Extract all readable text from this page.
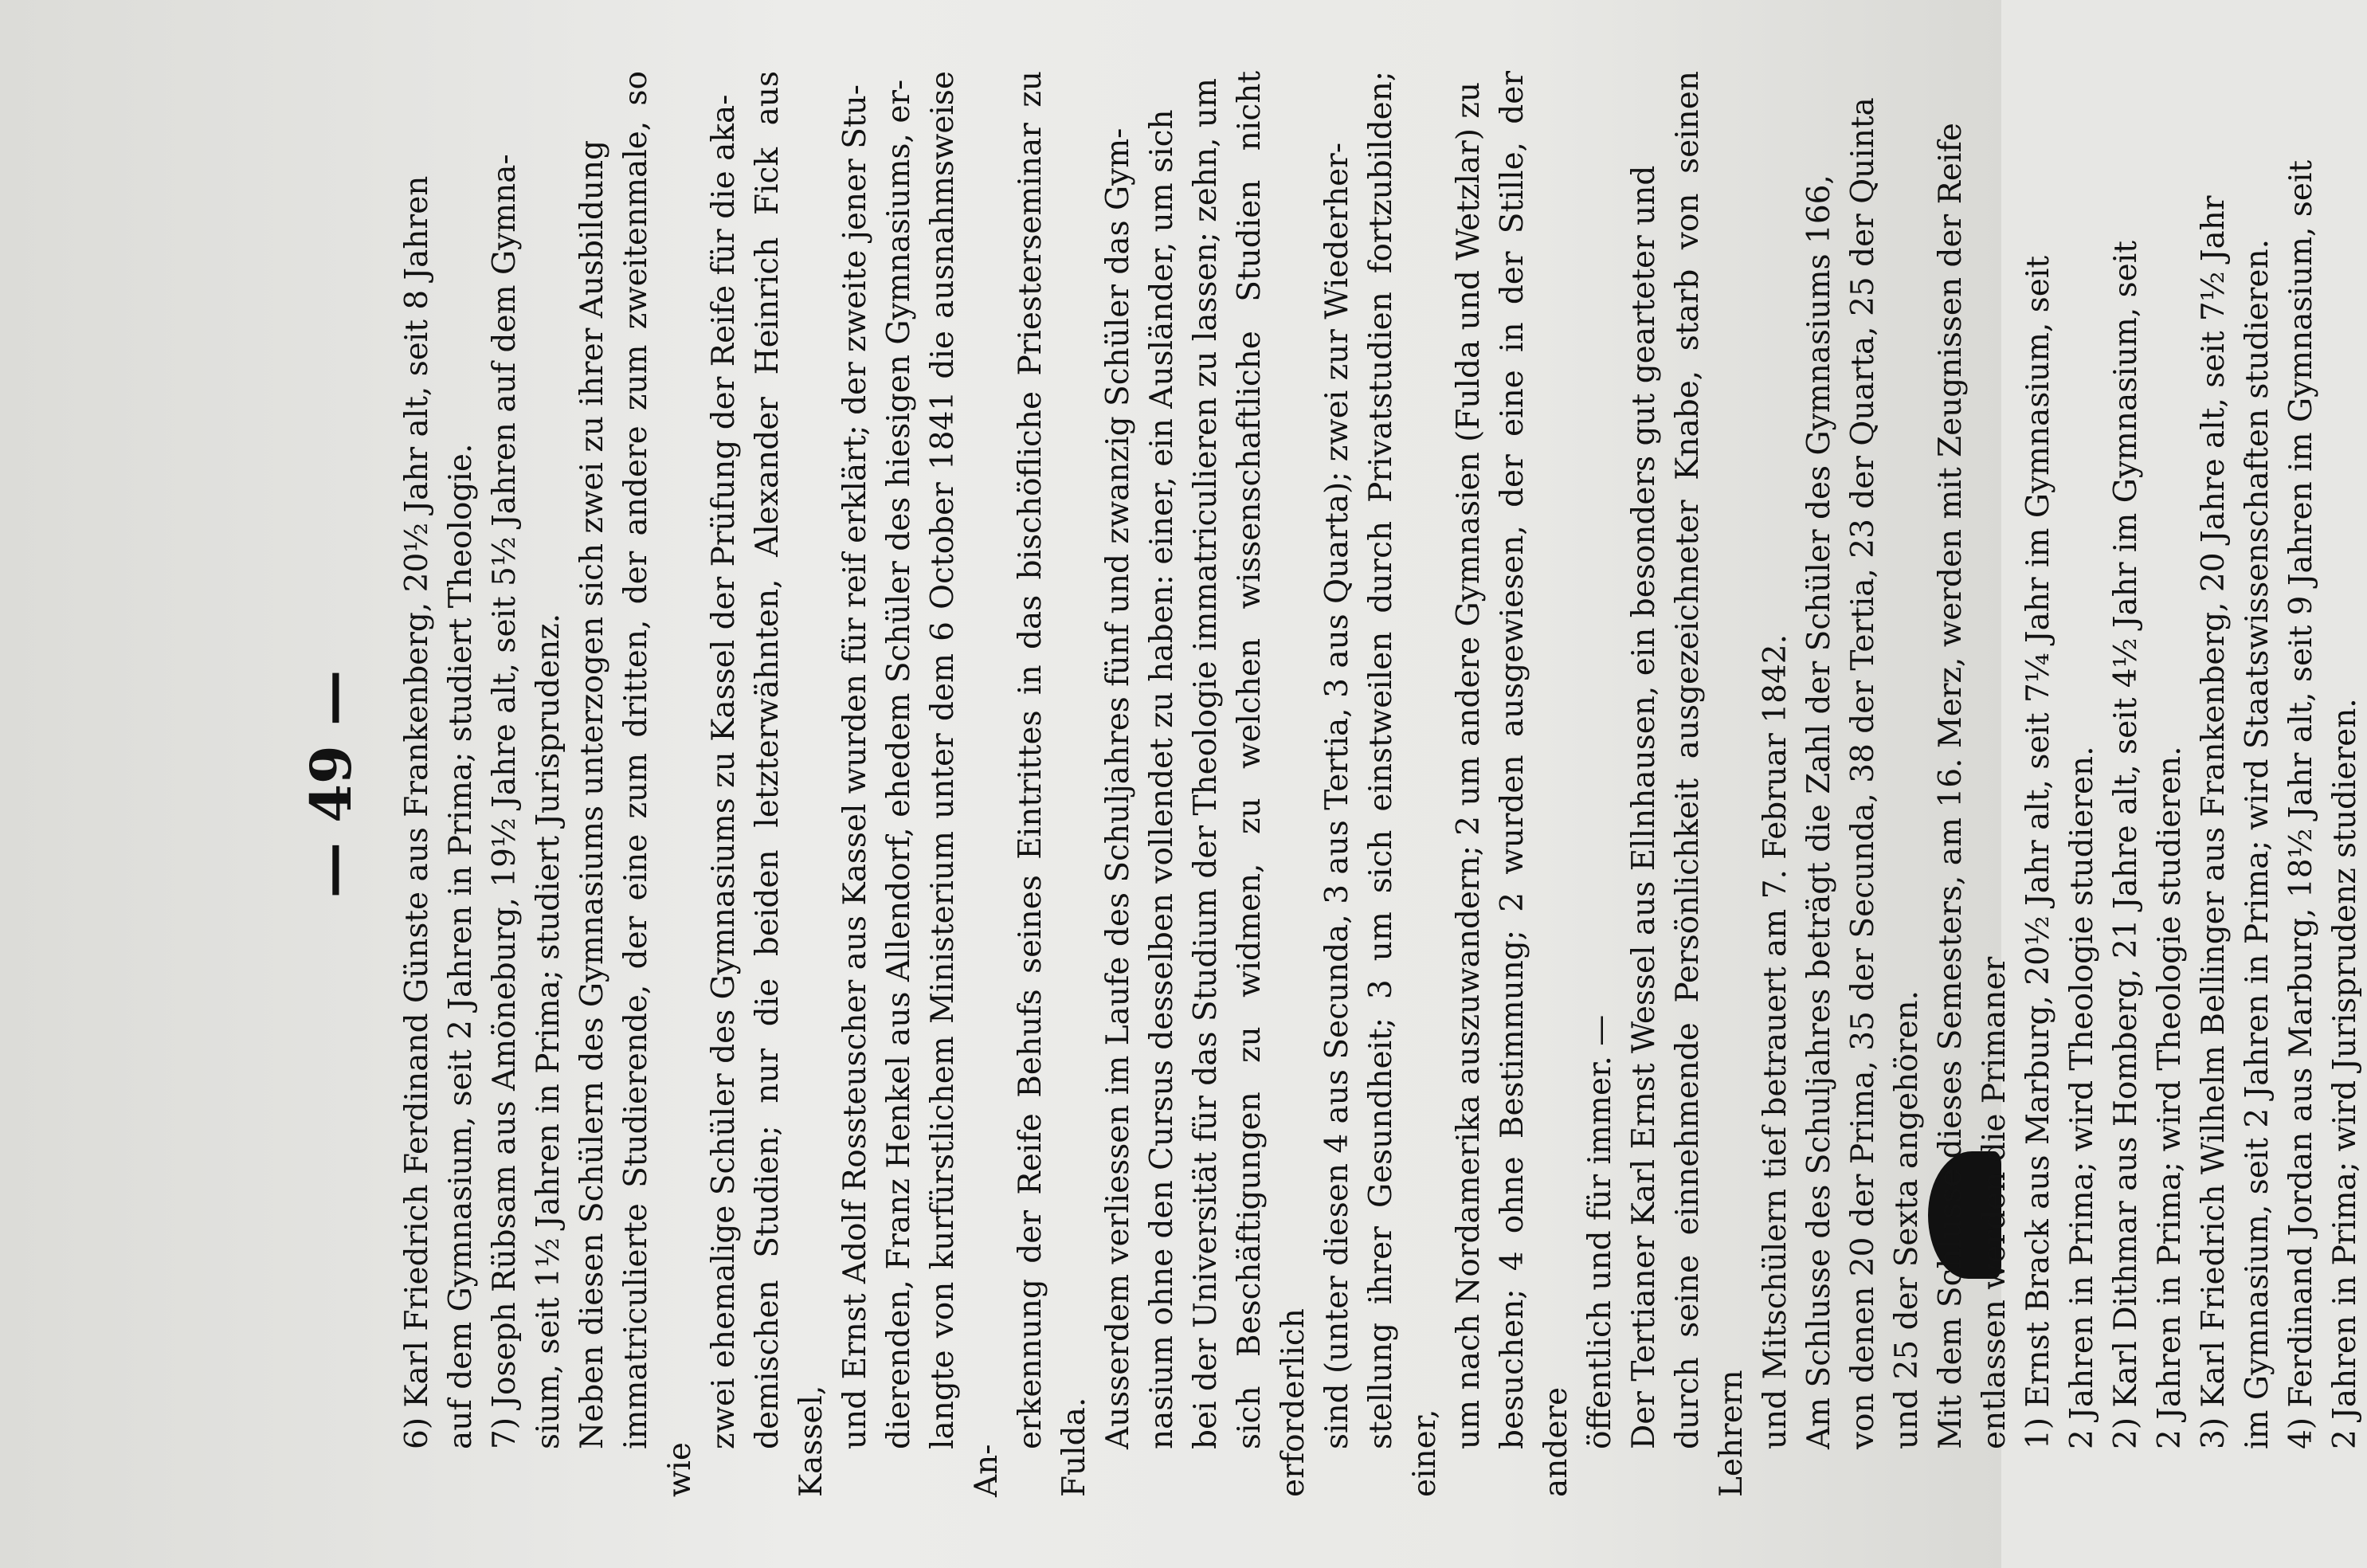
— 49 — 6) Karl Friedrich Ferdinand Günste aus Frankenberg, 20½ Jahr alt, seit 8 Jahren auf dem Gymnasium, seit 2 Jahren in Prima; studiert Theologie. 7) Joseph Rübsam aus Amöneburg, 19½ Jahre alt, seit 5½ Jahren auf dem Gymna- sium, seit 1½ Jahren in Prima; studiert Jurisprudenz. Neben diesen Schülern des Gymnasiums unterzogen sich zwei zu ihrer Ausbildung immatriculierte Studierende, der eine zum dritten, der andere zum zweitenmale, so wie
zwei ehemalige Schüler des Gymnasiums zu Kassel der Prüfung der Reife für die aka- demischen Studien; nur die beiden letzterwähnten, Alexander Heinrich Fick aus Kassel, und Ernst Adolf Rossteuscher aus Kassel wurden für reif erklärt; der zweite jener Stu- dierenden, Franz Henkel aus Allendorf, ehedem Schüler des hiesigen Gymnasiums, er- langte von kurfürstlichem Ministerium unter dem 6 October 1841 die ausnahmsweise An-
erkennung der Reife Behufs seines Eintrittes in das bischöfliche Priesterseminar zu Fulda. Ausserdem verliessen im Laufe des Schuljahres fünf und zwanzig Schüler das Gym- nasium ohne den Cursus desselben vollendet zu haben: einer, ein Ausländer, um sich bei der Universität für das Studium der Theologie immatriculieren zu lassen; zehn, um sich Beschäftigungen zu widmen, zu welchen wissenschaftliche Studien nicht erforderlich sind (unter diesen 4 aus Secunda, 3 aus Tertia, 3 aus Quarta); zwei zur Wiederher- stellung ihrer Gesundheit; 3 um sich einstweilen durch Privatstudien fortzubilden; einer,
um nach Nordamerika auszuwandern; 2 um andere Gymnasien (Fulda und Wetzlar) zu besuchen; 4 ohne Bestimmung; 2 wurden ausgewiesen, der eine in der Stille, der andere öffentlich und für immer. — Der Tertianer Karl Ernst Wessel aus Ellnhausen, ein besonders gut gearteter und durch seine einnehmende Persönlichkeit ausgezeichneter Knabe, starb von seinen Lehrern und Mitschülern tief betrauert am 7. Februar 1842. Am Schlusse des Schuljahres beträgt die Zahl der Schüler des Gymnasiums 166, von denen 20 der Prima, 35 der Secunda, 38 der Tertia, 23 der Quarta, 25 der Quinta und 25 der Sexta angehören. Mit dem Schlusse dieses Semesters, am 16. Merz, werden mit Zeugnissen der Reife entlassen werden die Primaner 1) Ernst Brack aus Marburg, 20½ Jahr alt, seit 7¼ Jahr im Gymnasium, seit 2 Jahren in Prima; wird Theologie studieren. 2) Karl Dithmar aus Homberg, 21 Jahre alt, seit 4½ Jahr im Gymnasium, seit 2 Jahren in Prima; wird Theologie studieren. 3) Karl Friedrich Wilhelm Bellinger aus Frankenberg, 20 Jahre alt, seit 7½ Jahr im Gymnasium, seit 2 Jahren in Prima; wird Staatswissenschaften studieren. 4) Ferdinand Jordan aus Marburg, 18½ Jahr alt, seit 9 Jahren im Gymnasium, seit 2 Jahren in Prima; wird Jurisprudenz studieren.
